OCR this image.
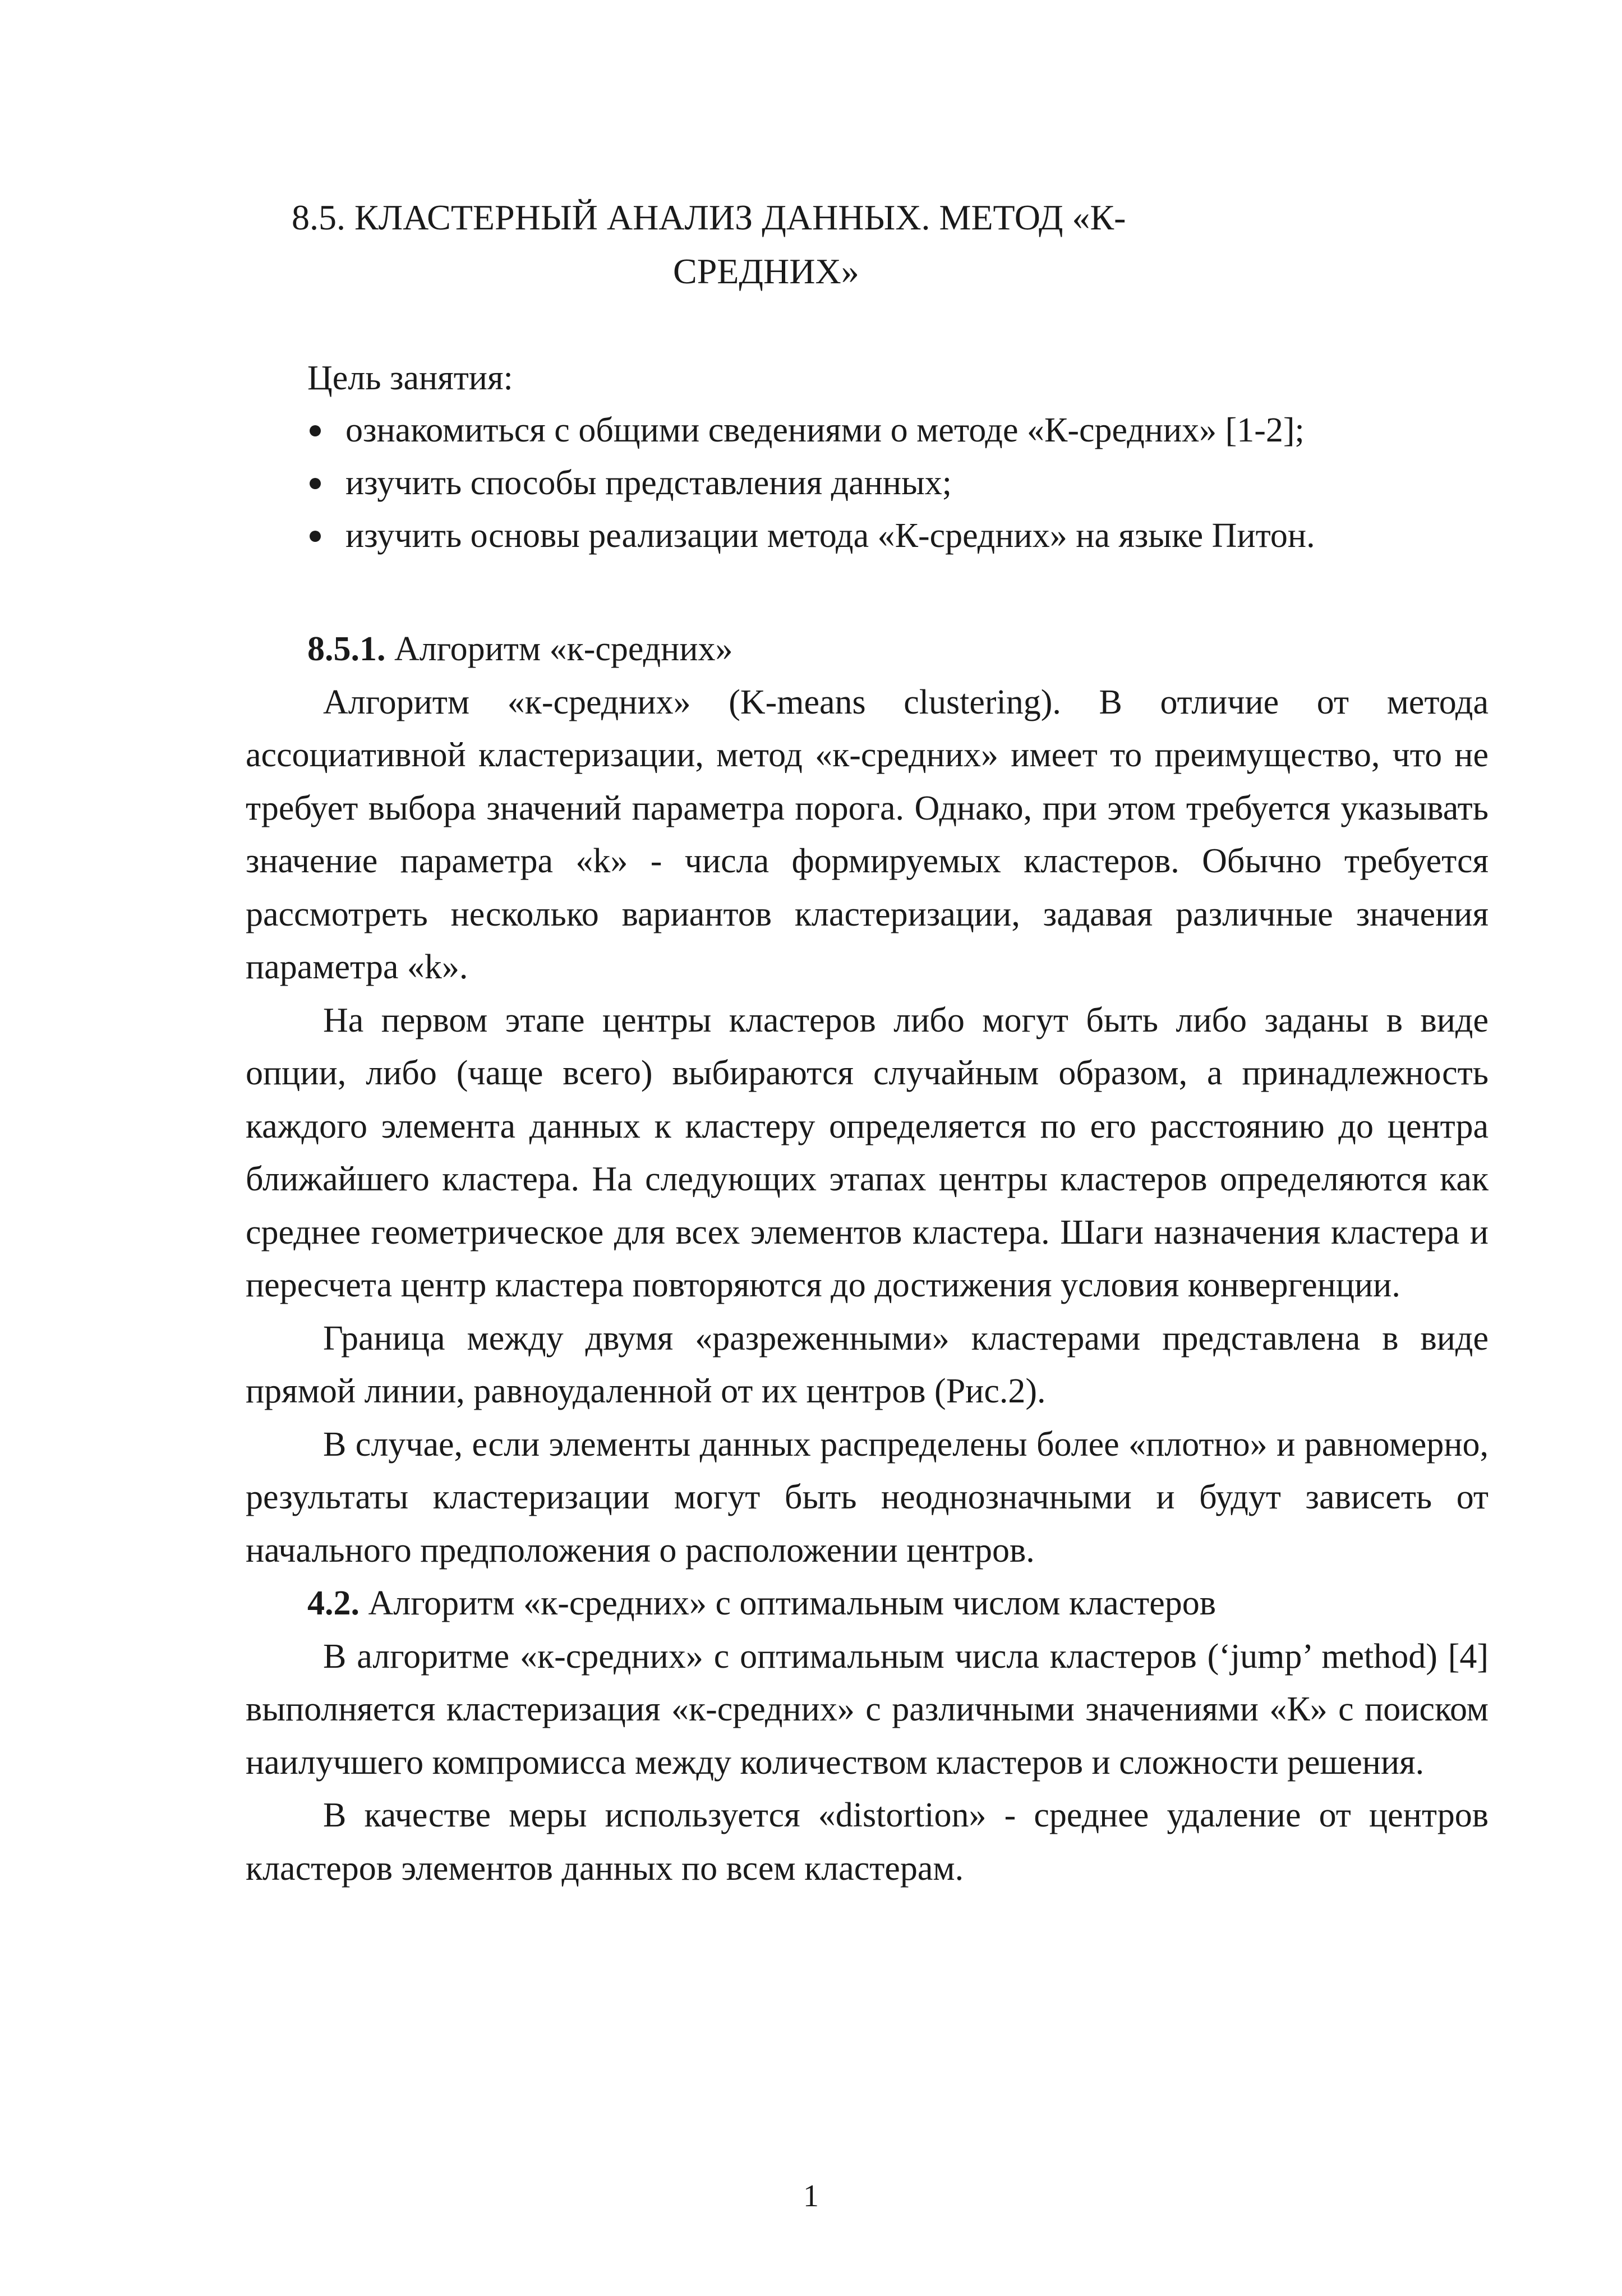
8.5. КЛАСТЕРНЫЙ АНАЛИЗ ДАННЫХ. МЕТОД «К-
СРЕДНИХ»
Цель занятия:
ознакомиться с общими сведениями о методе «К-средних» [1-2];
изучить способы представления данных;
изучить основы реализации метода «К-средних» на языке Питон.

8.5.1. Алгоритм «к-средних»

Алгоритм «к-средних» (K-means clustering). В отличие от метода ассоциативной кластеризации, метод «к-средних» имеет то преимущество, что не требует выбора значений параметра порога. Однако, при этом требуется указывать значение параметра «k» - числа формируемых кластеров. Обычно требуется рассмотреть несколько вариантов кластеризации, задавая различные значения параметра «k».

На первом этапе центры кластеров либо могут быть либо заданы в виде опции, либо (чаще всего) выбираются случайным образом, а принадлежность каждого элемента данных к кластеру определяется по его расстоянию до центра ближайшего кластера. На следующих этапах центры кластеров определяются как среднее геометрическое для всех элементов кластера. Шаги назначения кластера и пересчета центр кластера повторяются до достижения условия конвергенции.

Граница между двумя «разреженными» кластерами представлена в виде прямой линии, равноудаленной от их центров (Рис.2).

В случае, если элементы данных распределены более «плотно» и равномерно, результаты кластеризации могут быть неоднозначными и будут зависеть от начального предположения о расположении центров.

4.2. Алгоритм «к-средних» с оптимальным числом кластеров

В алгоритме «к-средних» с оптимальным числа кластеров (‘jump’ method) [4] выполняется кластеризация «к-средних» с различными значениями «К» с поиском наилучшего компромисса между количеством кластеров и сложности решения.

В качестве меры используется «distortion» - среднее удаление от центров кластеров элементов данных по всем кластерам.

1
